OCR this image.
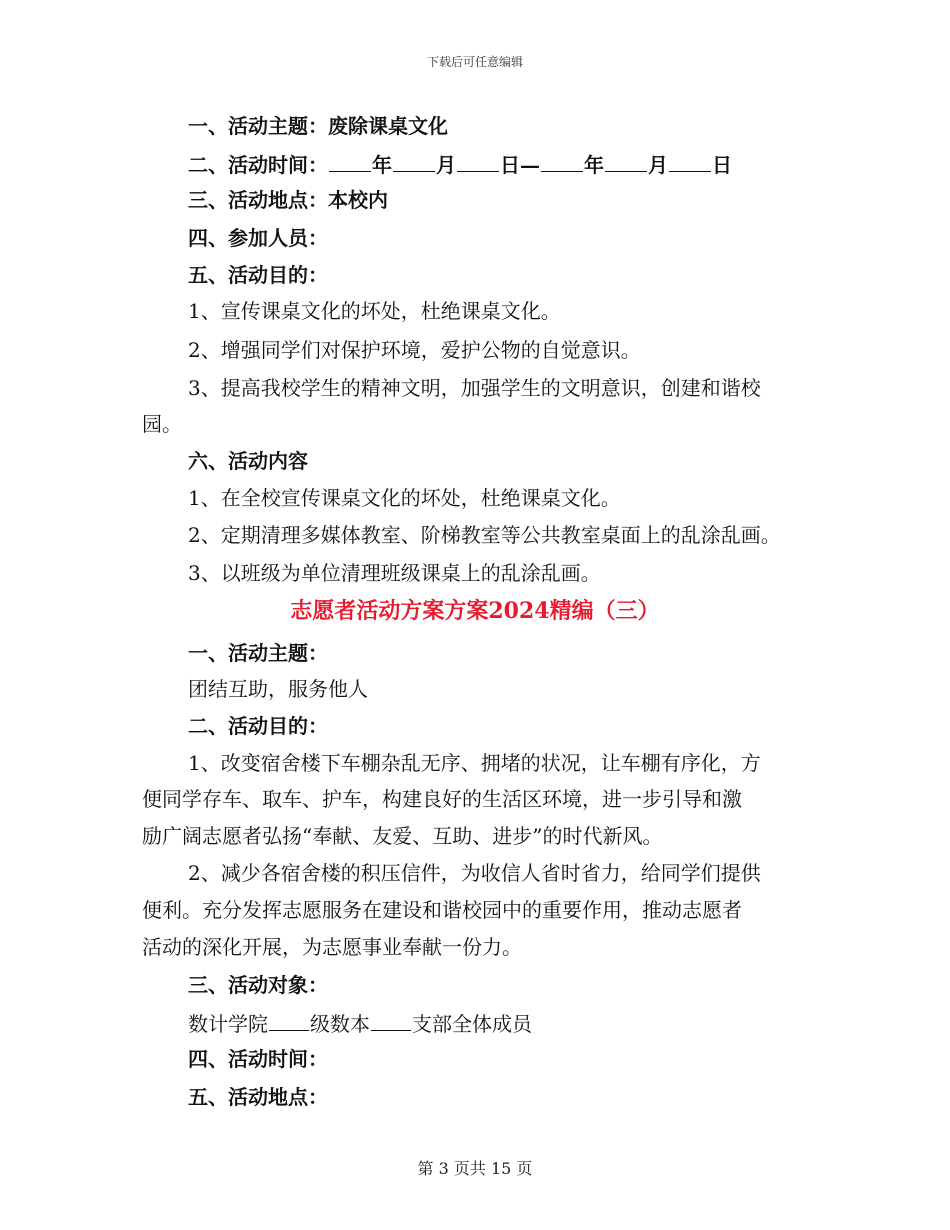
下载后可任意编辑
一、活动主题：废除课桌文化
二、活动时间： 年 月 日— 年 月 日
三、活动地点：本校内
四、参加人员：
五、活动目的：
1、宣传课桌文化的坏处，杜绝课桌文化。
2、增强同学们对保护环境，爱护公物的自觉意识。
3、提高我校学生的精神文明，加强学生的文明意识，创建和谐校
园。
六、活动内容
1、在全校宣传课桌文化的坏处，杜绝课桌文化。
2、定期清理多媒体教室、阶梯教室等公共教室桌面上的乱涂乱画。
3、以班级为单位清理班级课桌上的乱涂乱画。
志愿者活动方案方案2024精编（三）
一、活动主题：
团结互助，服务他人
二、活动目的：
1、改变宿舍楼下车棚杂乱无序、拥堵的状况，让车棚有序化，方
便同学存车、取车、护车，构建良好的生活区环境，进一步引导和激
励广阔志愿者弘扬“奉献、友爱、互助、进步”的时代新风。
2、减少各宿舍楼的积压信件，为收信人省时省力，给同学们提供
便利。充分发挥志愿服务在建设和谐校园中的重要作用，推动志愿者
活动的深化开展，为志愿事业奉献一份力。
三、活动对象：
数计学院 级数本 支部全体成员
四、活动时间：
五、活动地点：
第 3 页共 15 页
